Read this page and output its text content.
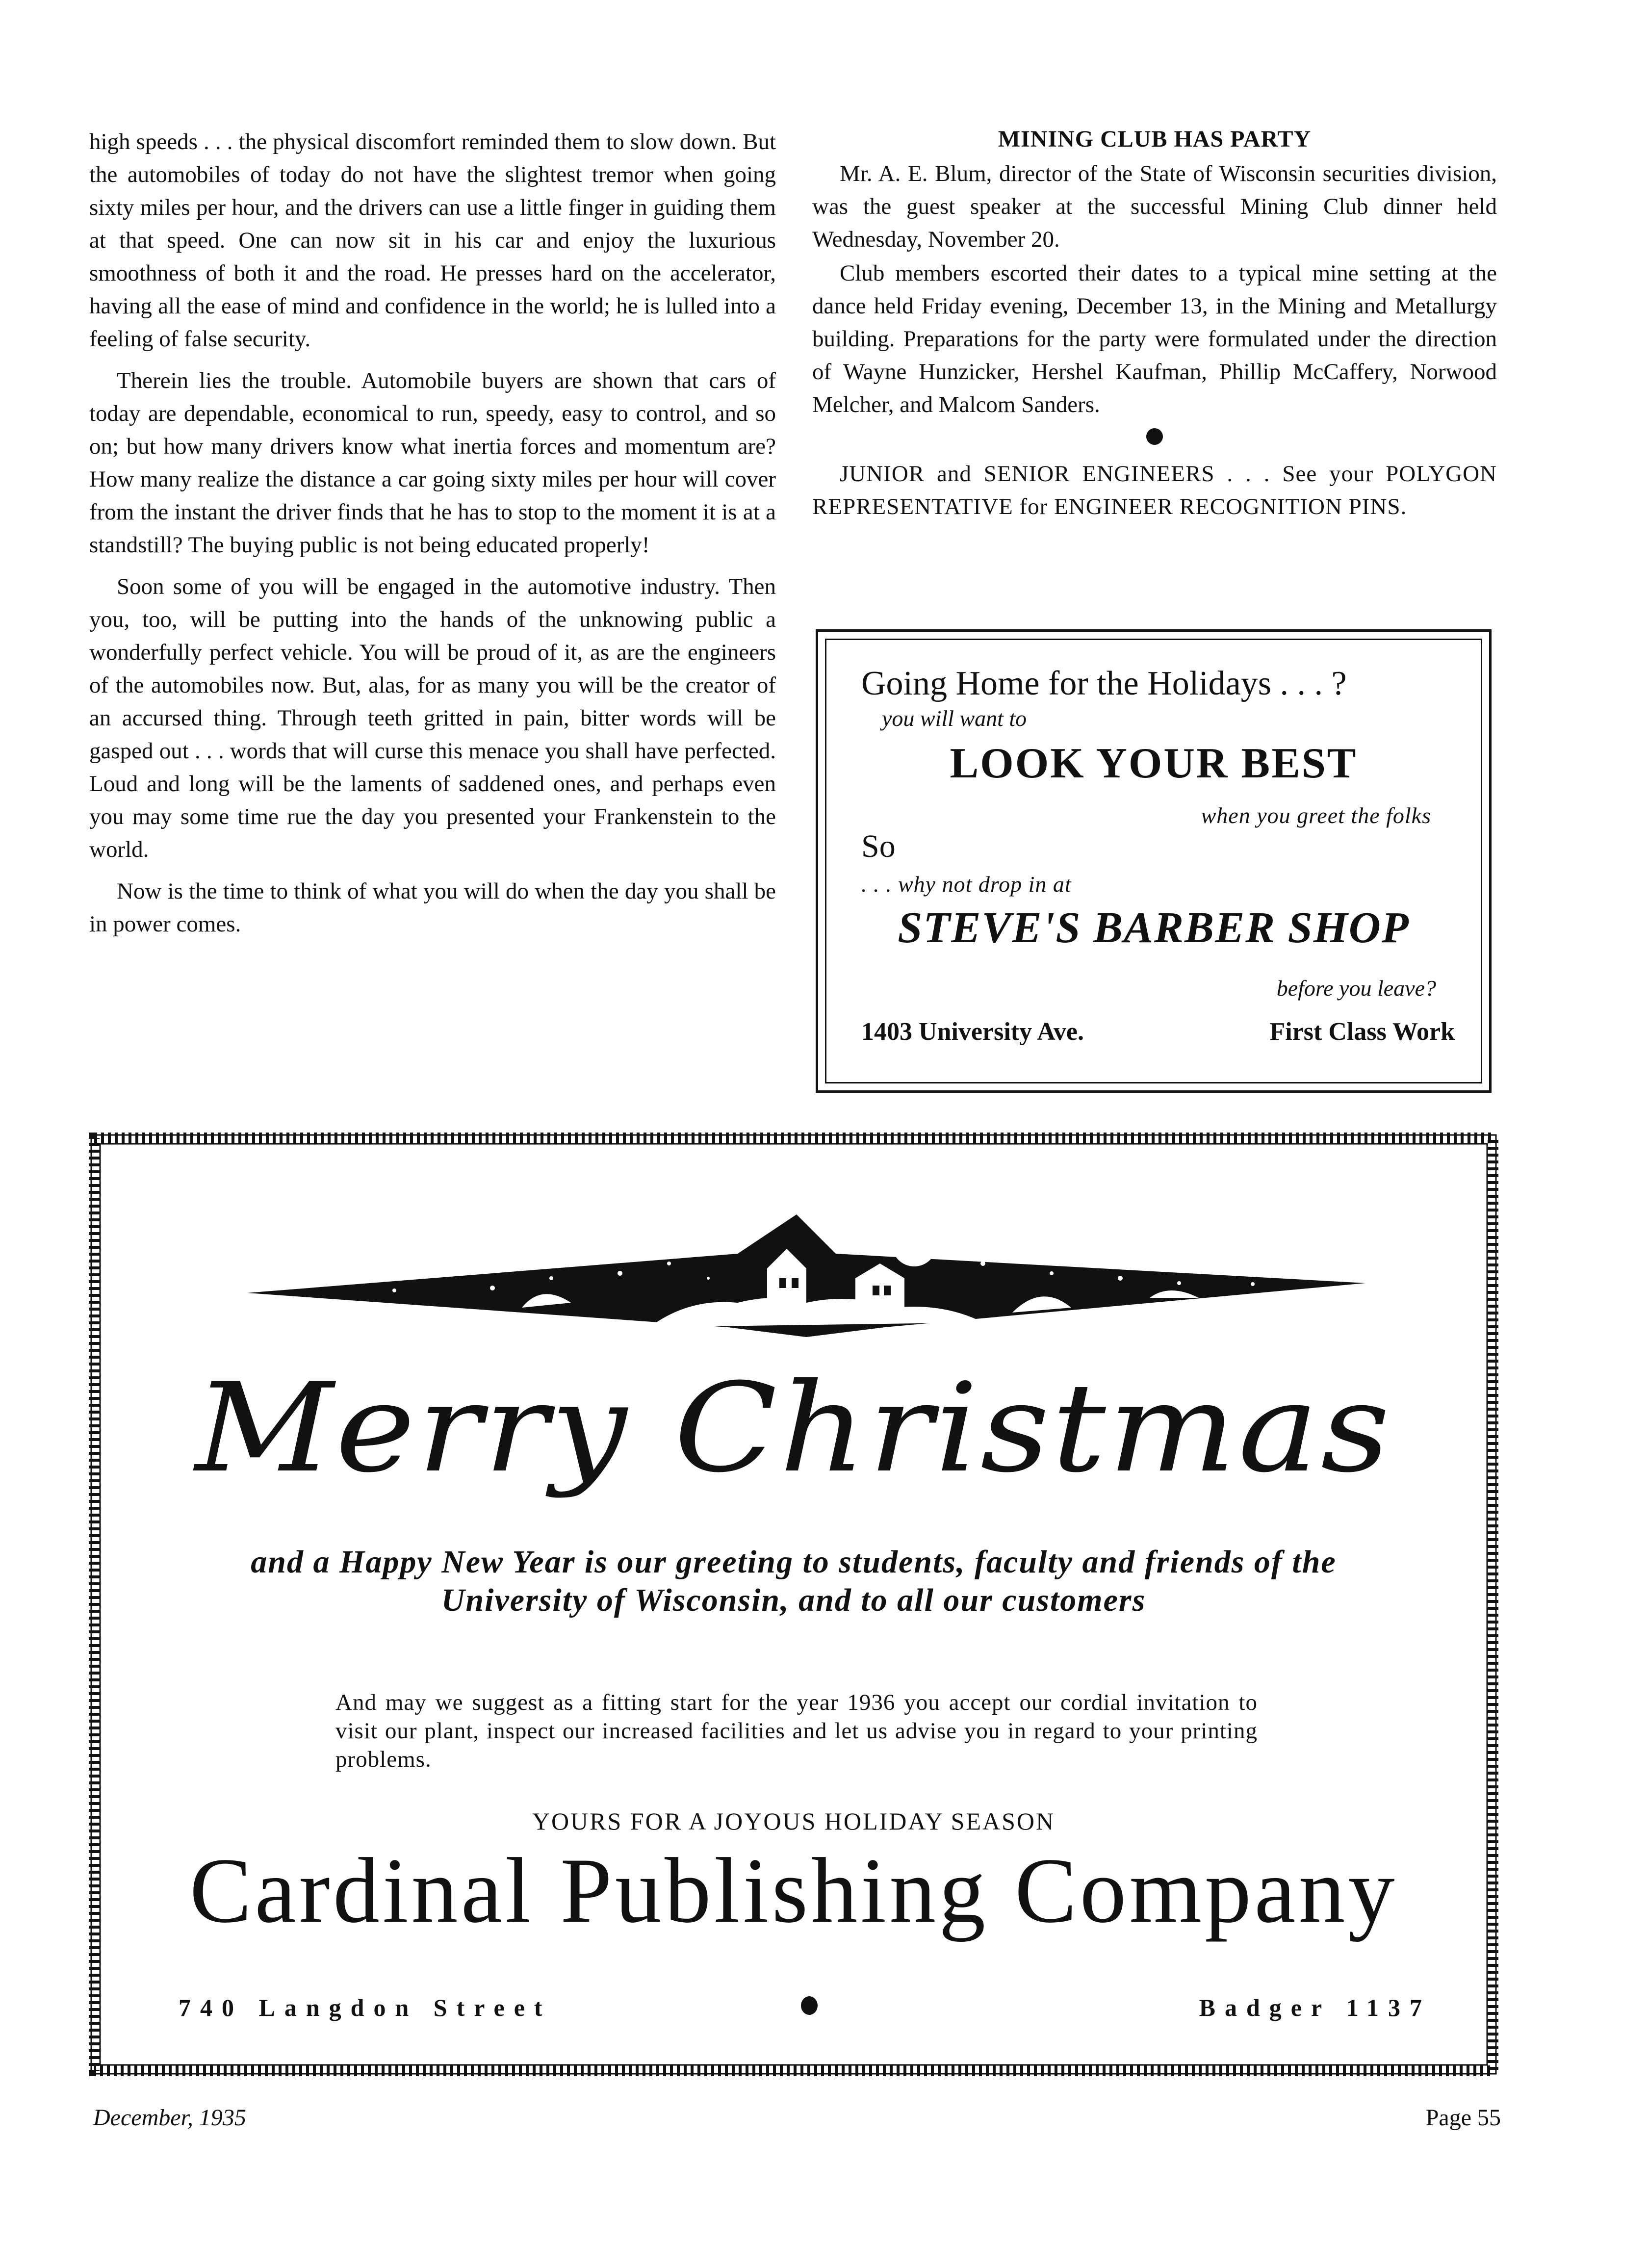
high speeds . . . the physical discomfort reminded them to slow down. But the automobiles of today do not have the slightest tremor when going sixty miles per hour, and the drivers can use a little finger in guiding them at that speed. One can now sit in his car and enjoy the luxurious smoothness of both it and the road. He presses hard on the accelerator, having all the ease of mind and confidence in the world; he is lulled into a feeling of false security.

Therein lies the trouble. Automobile buyers are shown that cars of today are dependable, economical to run, speedy, easy to control, and so on; but how many drivers know what inertia forces and momentum are? How many realize the distance a car going sixty miles per hour will cover from the instant the driver finds that he has to stop to the moment it is at a standstill? The buying public is not being educated properly!

Soon some of you will be engaged in the automotive industry. Then you, too, will be putting into the hands of the unknowing public a wonderfully perfect vehicle. You will be proud of it, as are the engineers of the automobiles now. But, alas, for as many you will be the creator of an accursed thing. Through teeth gritted in pain, bitter words will be gasped out . . . words that will curse this menace you shall have perfected. Loud and long will be the laments of saddened ones, and perhaps even you may some time rue the day you presented your Frankenstein to the world.

Now is the time to think of what you will do when the day you shall be in power comes.

MINING CLUB HAS PARTY

Mr. A. E. Blum, director of the State of Wisconsin securities division, was the guest speaker at the successful Mining Club dinner held Wednesday, November 20.

Club members escorted their dates to a typical mine setting at the dance held Friday evening, December 13, in the Mining and Metallurgy building. Preparations for the party were formulated under the direction of Wayne Hunzicker, Hershel Kaufman, Phillip McCaffery, Norwood Melcher, and Malcom Sanders.

JUNIOR and SENIOR ENGINEERS . . . See your POLYGON REPRESENTATIVE for ENGINEER RECOGNITION PINS.

Going Home for the Holidays . . . ?
you will want to
LOOK YOUR BEST
when you greet the folks
So
. . . why not drop in at
STEVE'S BARBER SHOP
before you leave?
1403 University Ave.	First Class Work
Merry Christmas
and a Happy New Year is our greeting to students, faculty and friends of the University of Wisconsin, and to all our customers
And may we suggest as a fitting start for the year 1936 you accept our cordial invitation to visit our plant, inspect our increased facilities and let us advise you in regard to your printing problems.
YOURS FOR A JOYOUS HOLIDAY SEASON
Cardinal Publishing Company
740 Langdon Street	Badger 1137
December, 1935	Page 55
